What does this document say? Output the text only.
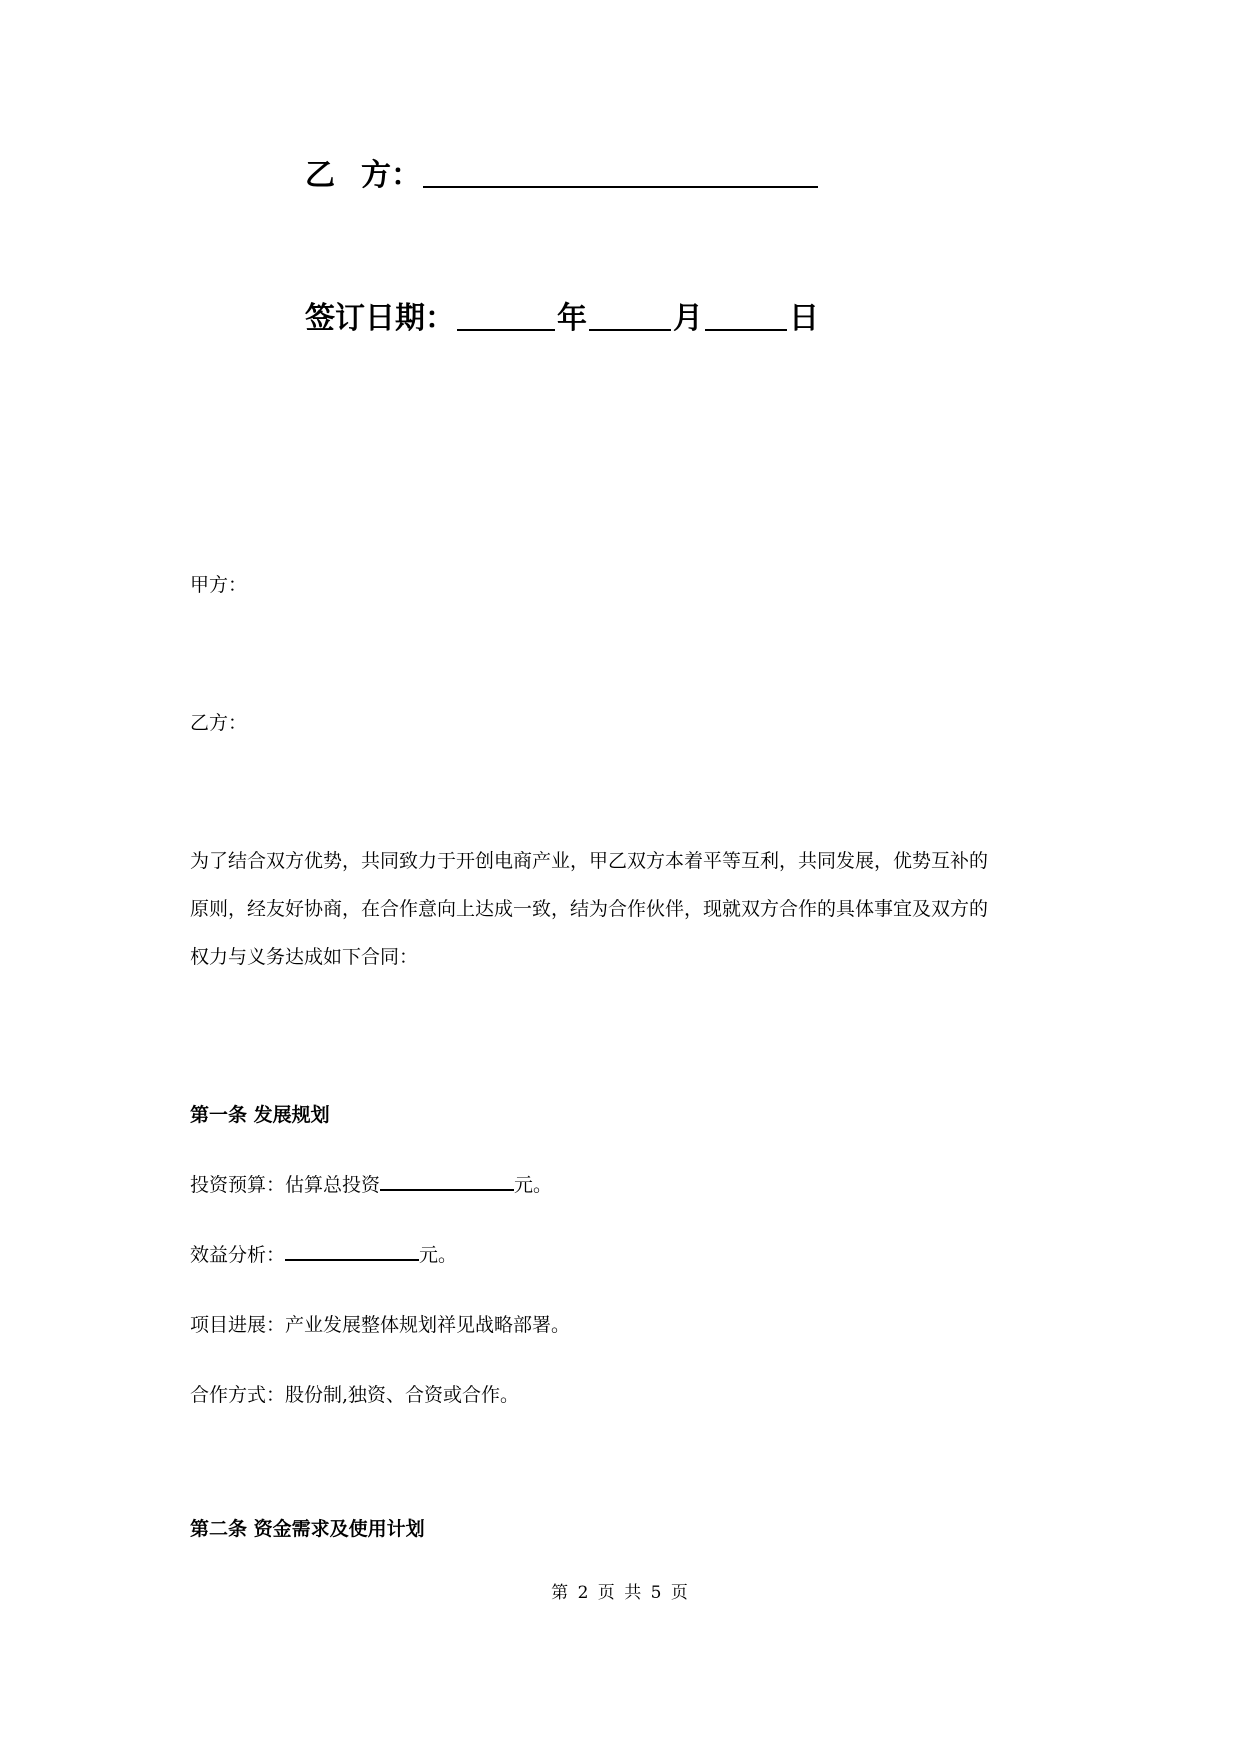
乙 方：
签订日期：	年	月	日
甲方：
乙方：
为了结合双方优势，共同致力于开创电商产业，甲乙双方本着平等互利，共同发展，优势互补的
原则，经友好协商，在合作意向上达成一致，结为合作伙伴，现就双方合作的具体事宜及双方的
权力与义务达成如下合同：
第一条 发展规划
投资预算：估算总投资	元。
效益分析：	元。
项目进展：产业发展整体规划祥见战略部署。
合作方式：股份制,独资、合资或合作。
第二条 资金需求及使用计划
第 2 页 共 5 页
